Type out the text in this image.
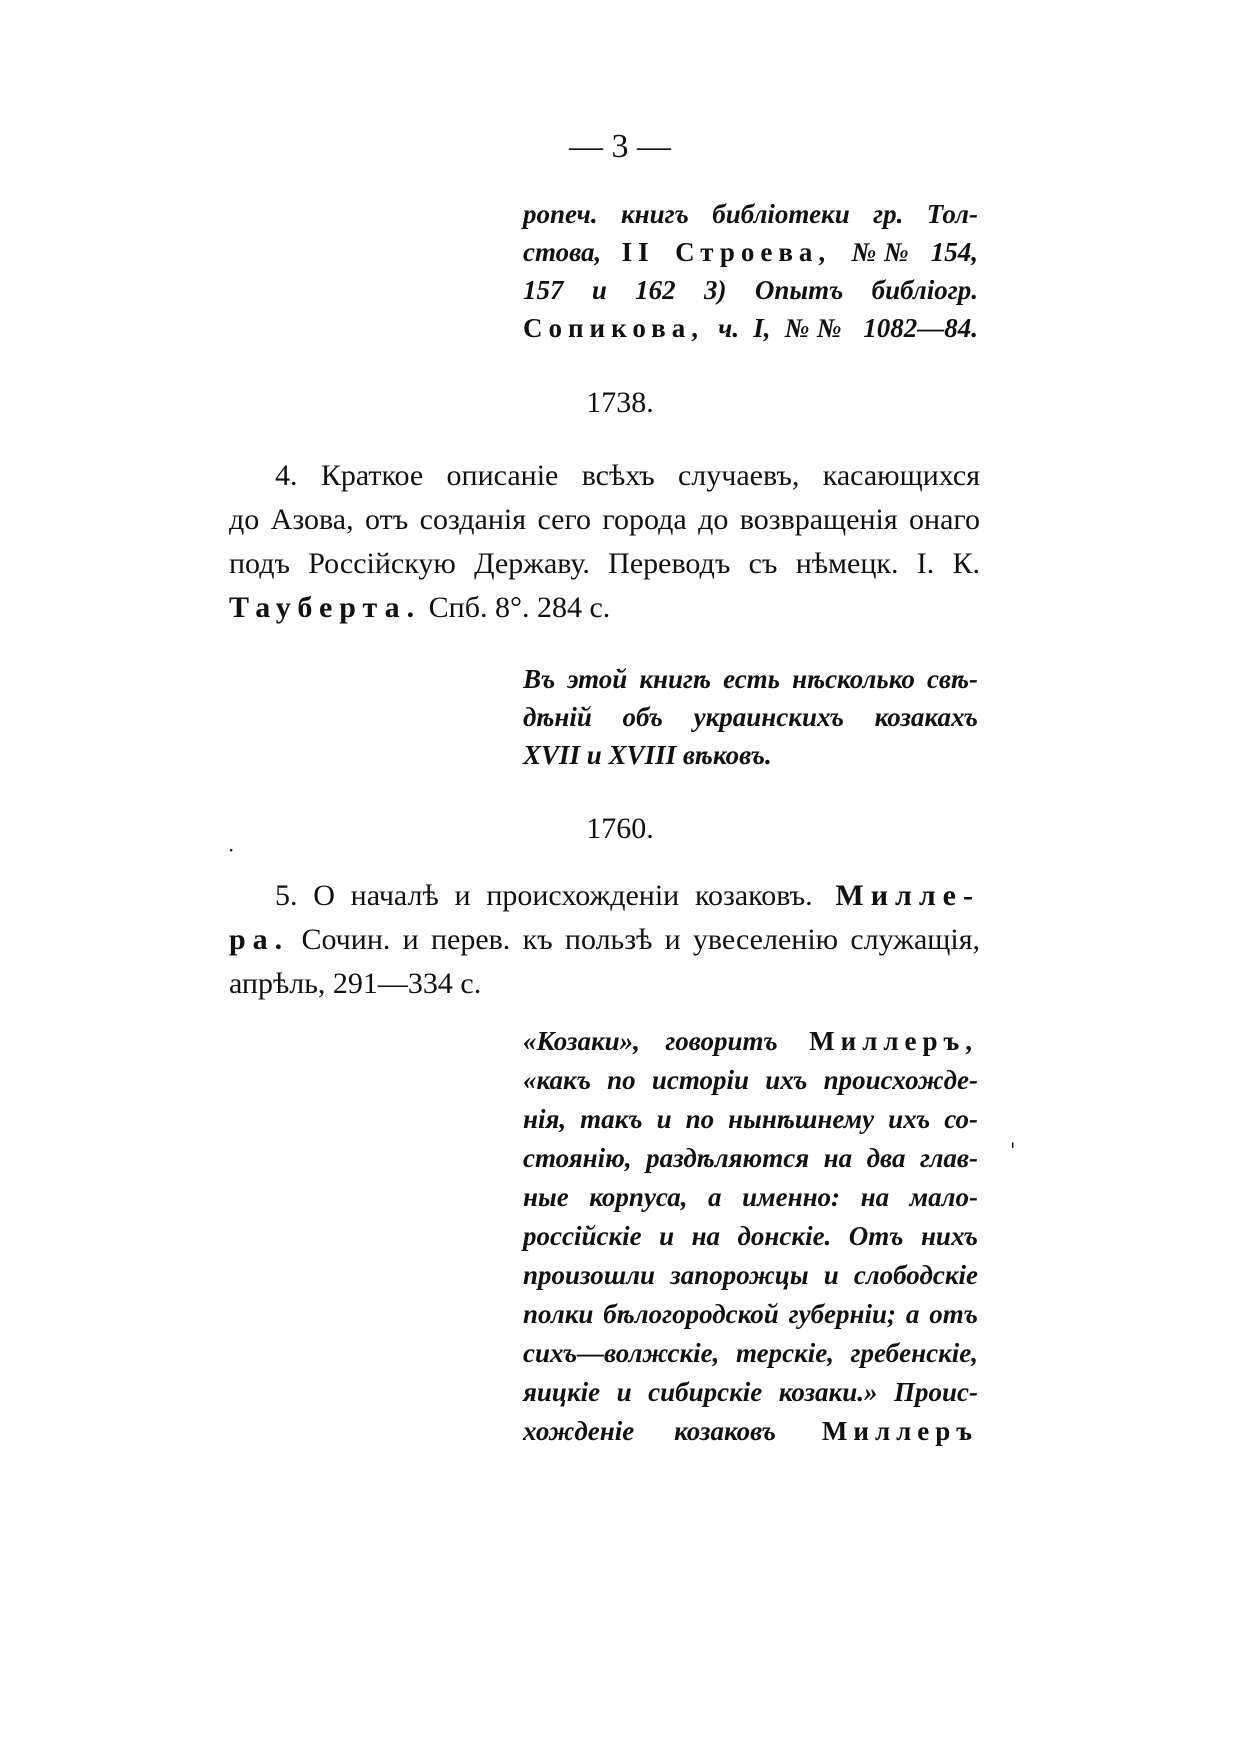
— 3 —
ропеч. книгъ библіотеки гр. Тол-
стова, II Строева, №№ 154,
157 и 162 3) Опытъ библіогр.
Сопикова, ч. I, №№ 1082—84.
1738.
4. Краткое описаніе всѣхъ случаевъ, касающихся
до Азова, отъ созданія сего города до возвращенія онаго
подъ Россійскую Державу. Переводъ съ нѣмецк. І. К.
Тауберта. Спб. 8°. 284 с.
Въ этой книгѣ есть нѣсколько свѣ-
дѣній объ украинскихъ козакахъ
XVII и XVIII вѣковъ.
1760.
·
5. О началѣ и происхожденіи козаковъ. Милле-
ра. Сочин. и перев. къ пользѣ и увеселенію служащія,
апрѣль, 291—334 с.
«Козаки», говоритъ Миллеръ,
«какъ по исторіи ихъ происхожде-
нія, такъ и по нынѣшнему ихъ со-
стоянію, раздѣляются на два глав-
ные корпуса, а именно: на мало-
россійскіе и на донскіе. Отъ нихъ
произошли запорожцы и слободскіе
полки бѣлогородской губерніи; а отъ
сихъ—волжскіе, терскіе, гребенскіе,
яицкіе и сибирскіе козаки.» Проис-
хожденіе козаковъ Миллеръ
'
